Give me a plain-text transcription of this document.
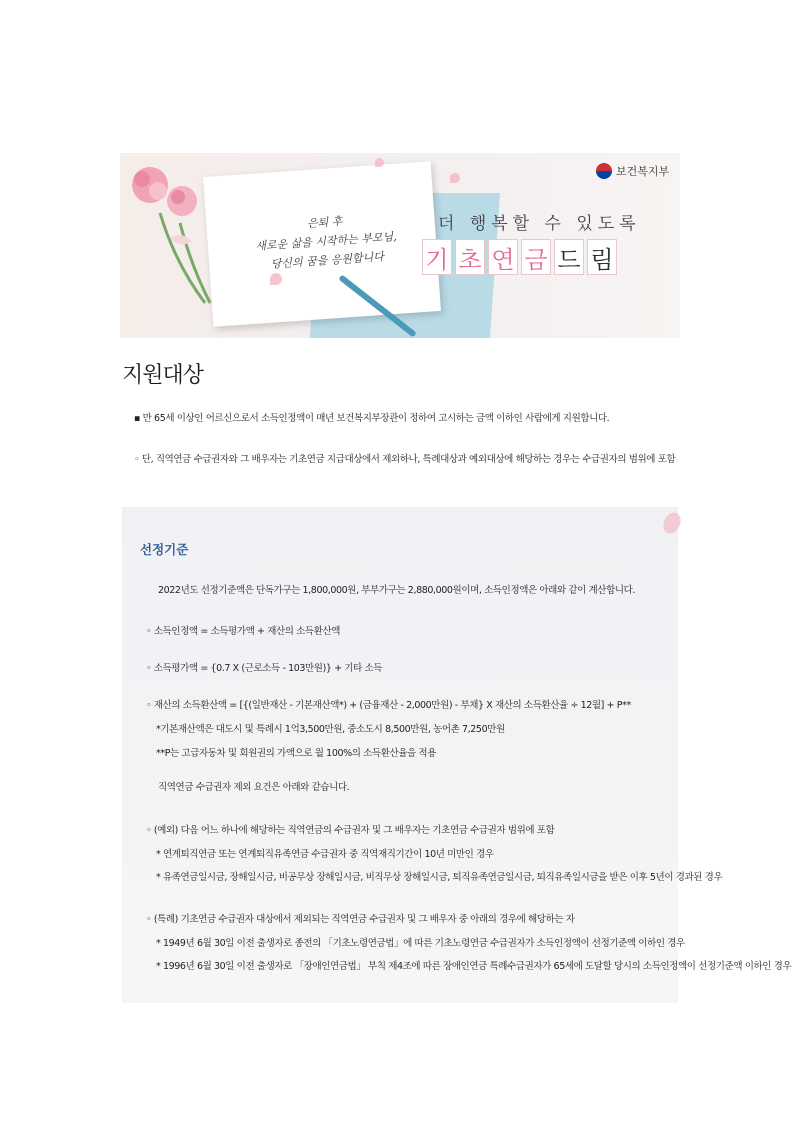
은퇴 후
새로운 삶을 시작하는 부모님,
당신의 꿈을 응원합니다
보건복지부
더 행복할 수 있도록
기 초 연 금 드 림
지원대상
▪ 만 65세 이상인 어르신으로서 소득인정액이 매년 보건복지부장관이 정하여 고시하는 금액 이하인 사람에게 지원합니다.
◦ 단, 직역연금 수급권자와 그 배우자는 기초연금 지급대상에서 제외하나, 특례대상과 예외대상에 해당하는 경우는 수급권자의 범위에 포함
선정기준
2022년도 선정기준액은 단독가구는 1,800,000원, 부부가구는 2,880,000원이며, 소득인정액은 아래와 같이 계산합니다.
◦ 소득인정액 = 소득평가액 + 재산의 소득환산액
◦ 소득평가액 = {0.7 X (근로소득 - 103만원)} + 기타 소득
◦ 재산의 소득환산액 = [{(일반재산 - 기본재산액*) + (금융재산 - 2,000만원) - 부채} X 재산의 소득환산율 ÷ 12월] + P**
*기본재산액은 대도시 및 특례시 1억3,500만원, 중소도시 8,500만원, 농어촌 7,250만원
**P는 고급자동차 및 회원권의 가액으로 월 100%의 소득환산율을 적용
직역연금 수급권자 제외 요건은 아래와 같습니다.
◦ (예외) 다음 어느 하나에 해당하는 직역연금의 수급권자 및 그 배우자는 기초연금 수급권자 범위에 포함
* 연계퇴직연금 또는 연계퇴직유족연금 수급권자 중 직역재직기간이 10년 미만인 경우
* 유족연금일시금, 장해일시금, 비공무상 장해일시금, 비직무상 장해일시금, 퇴직유족연금일시금, 퇴직유족일시금을 받은 이후 5년이 경과된 경우
◦ (특례) 기초연금 수급권자 대상에서 제외되는 직역연금 수급권자 및 그 배우자 중 아래의 경우에 해당하는 자
* 1949년 6월 30일 이전 출생자로 종전의 「기초노령연금법」에 따른 기초노령연금 수급권자가 소득인정액이 선정기준액 이하인 경우
* 1996년 6월 30일 이전 출생자로 「장애인연금법」 부칙 제4조에 따른 장애인연금 특례수급권자가 65세에 도달할 당시의 소득인정액이 선정기준액 이하인 경우
